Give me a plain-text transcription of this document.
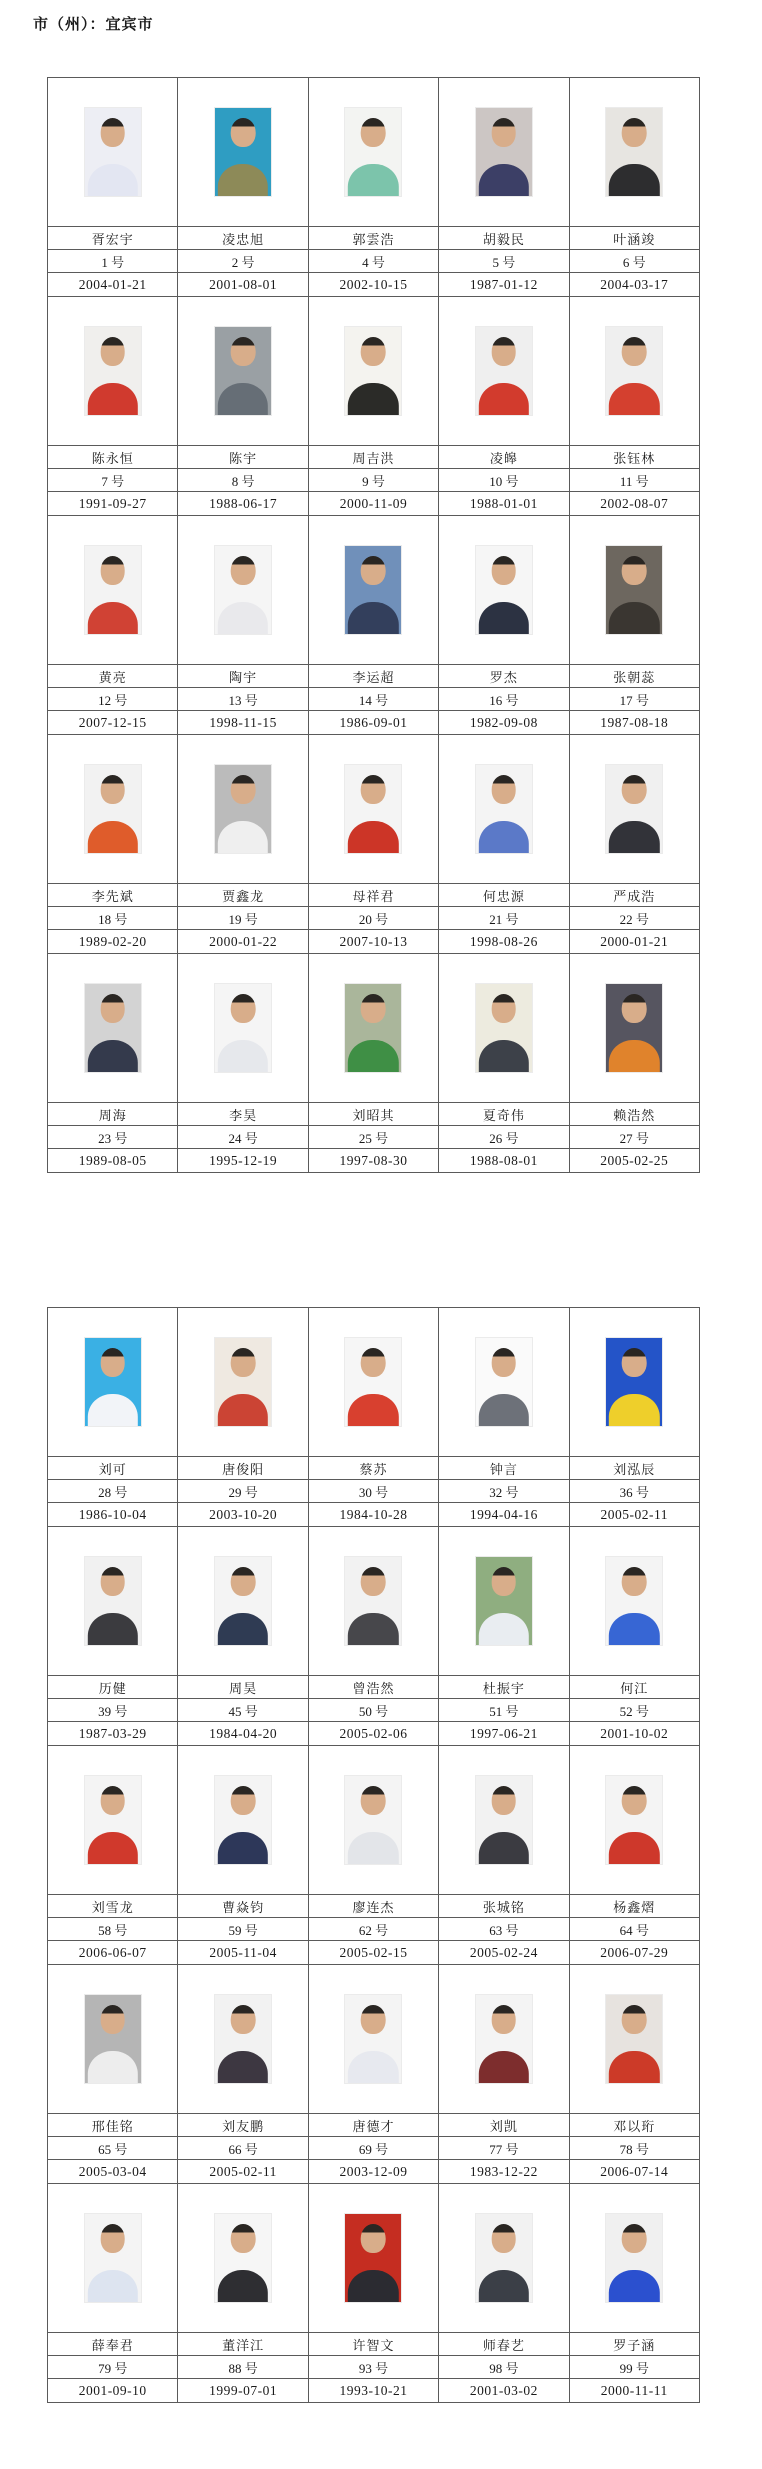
市（州）：宜宾市

胥宏宇	凌忠旭	郭雲浩	胡毅民	叶涵竣
1 号	2 号	4 号	5 号	6 号
2004-01-21	2001-08-01	2002-10-15	1987-01-12	2004-03-17

陈永恒	陈宇	周吉洪	凌皞	张钰林
7 号	8 号	9 号	10 号	11 号
1991-09-27	1988-06-17	2000-11-09	1988-01-01	2002-08-07

黄亮	陶宇	李运超	罗杰	张朝蕊
12 号	13 号	14 号	16 号	17 号
2007-12-15	1998-11-15	1986-09-01	1982-09-08	1987-08-18

李先斌	贾鑫龙	母祥君	何忠源	严成浩
18 号	19 号	20 号	21 号	22 号
1989-02-20	2000-01-22	2007-10-13	1998-08-26	2000-01-21

周海	李昊	刘昭其	夏奇伟	赖浩然
23 号	24 号	25 号	26 号	27 号
1989-08-05	1995-12-19	1997-08-30	1988-08-01	2005-02-25

刘可	唐俊阳	蔡苏	钟言	刘泓辰
28 号	29 号	30 号	32 号	36 号
1986-10-04	2003-10-20	1984-10-28	1994-04-16	2005-02-11

历健	周昊	曾浩然	杜振宇	何江
39 号	45 号	50 号	51 号	52 号
1987-03-29	1984-04-20	2005-02-06	1997-06-21	2001-10-02

刘雪龙	曹焱钧	廖连杰	张城铭	杨鑫熠
58 号	59 号	62 号	63 号	64 号
2006-06-07	2005-11-04	2005-02-15	2005-02-24	2006-07-29

邢佳铭	刘友鹏	唐德才	刘凯	邓以珩
65 号	66 号	69 号	77 号	78 号
2005-03-04	2005-02-11	2003-12-09	1983-12-22	2006-07-14

薛奉君	董洋江	许智文	师春艺	罗子涵
79 号	88 号	93 号	98 号	99 号
2001-09-10	1999-07-01	1993-10-21	2001-03-02	2000-11-11
